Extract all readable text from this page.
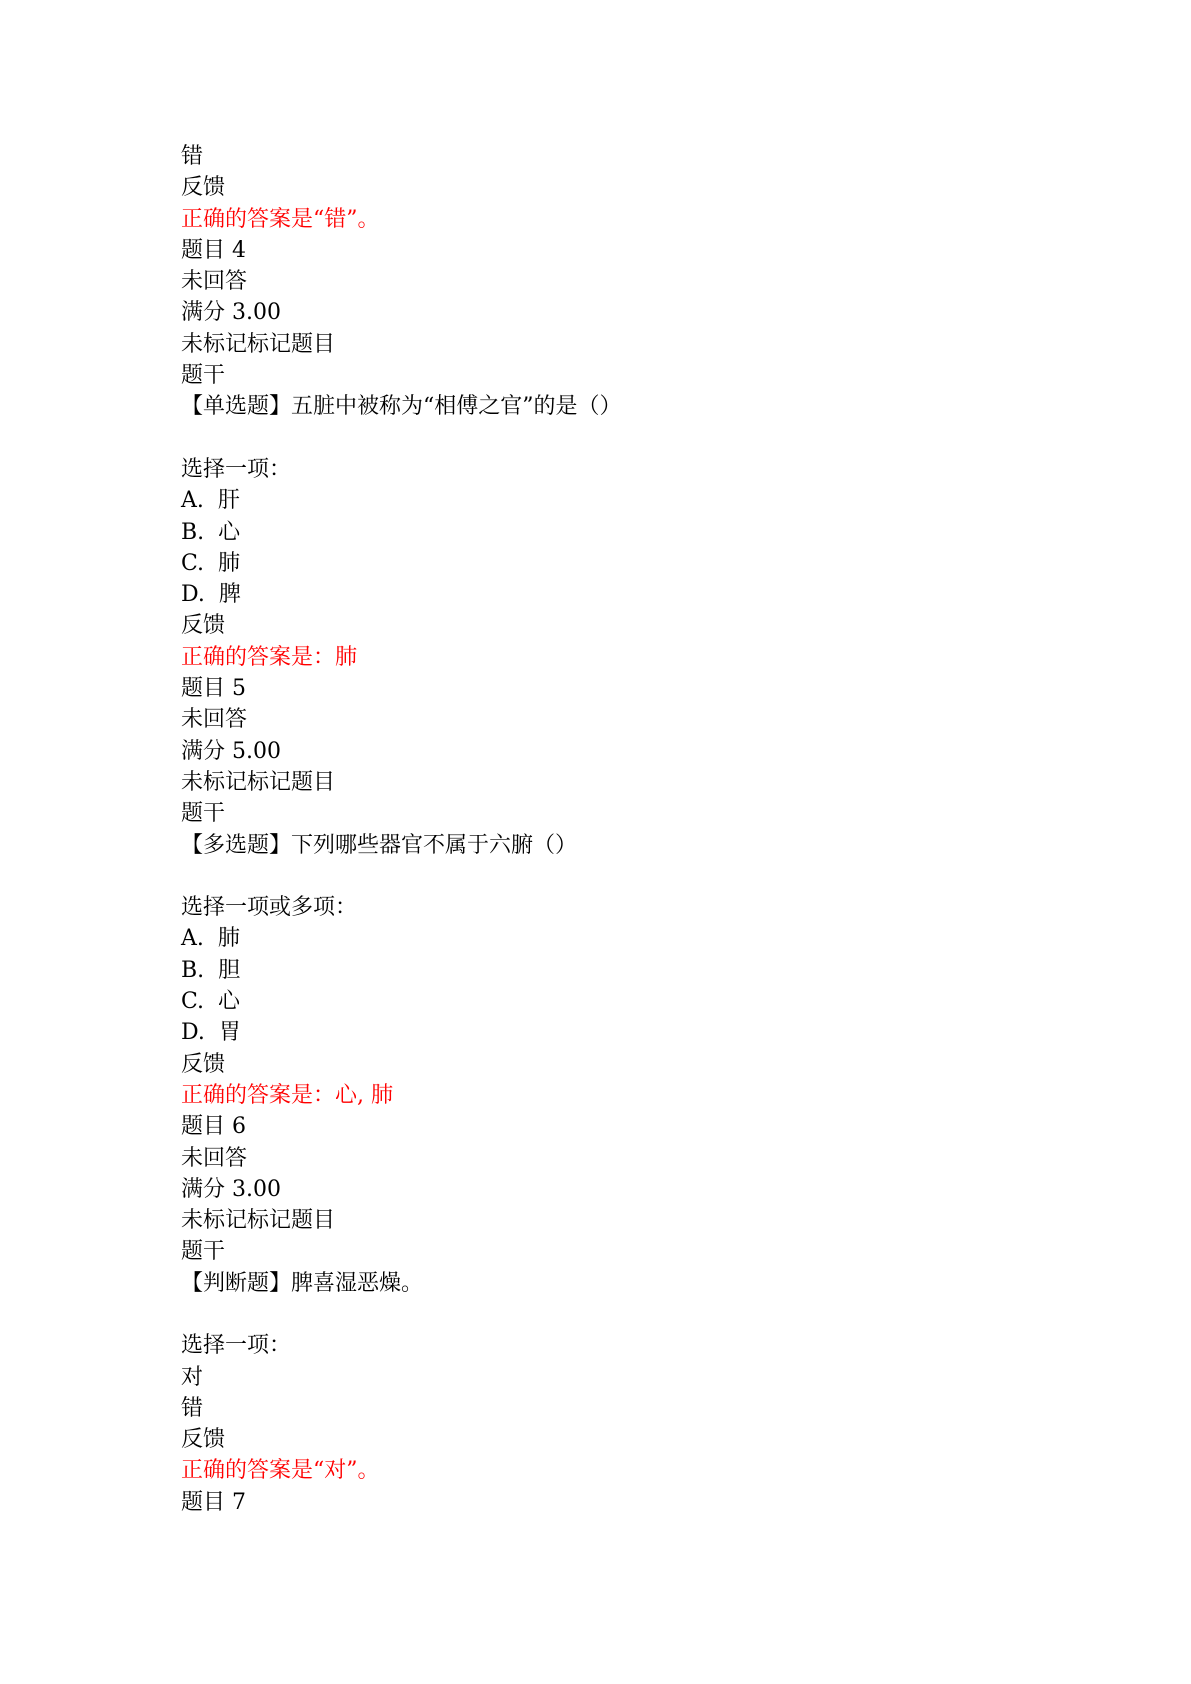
错
反馈
正确的答案是“错”。
题目 4
未回答
满分 3.00
未标记标记题目
题干
【单选题】五脏中被称为“相傅之官”的是（）
选择一项：
A.  肝
B.  心
C.  肺
D.  脾
反馈
正确的答案是：肺
题目 5
未回答
满分 5.00
未标记标记题目
题干
【多选题】下列哪些器官不属于六腑（）
选择一项或多项：
A.  肺
B.  胆
C.  心
D.  胃
反馈
正确的答案是：心, 肺
题目 6
未回答
满分 3.00
未标记标记题目
题干
【判断题】脾喜湿恶燥。
选择一项：
对
错
反馈
正确的答案是“对”。
题目 7
